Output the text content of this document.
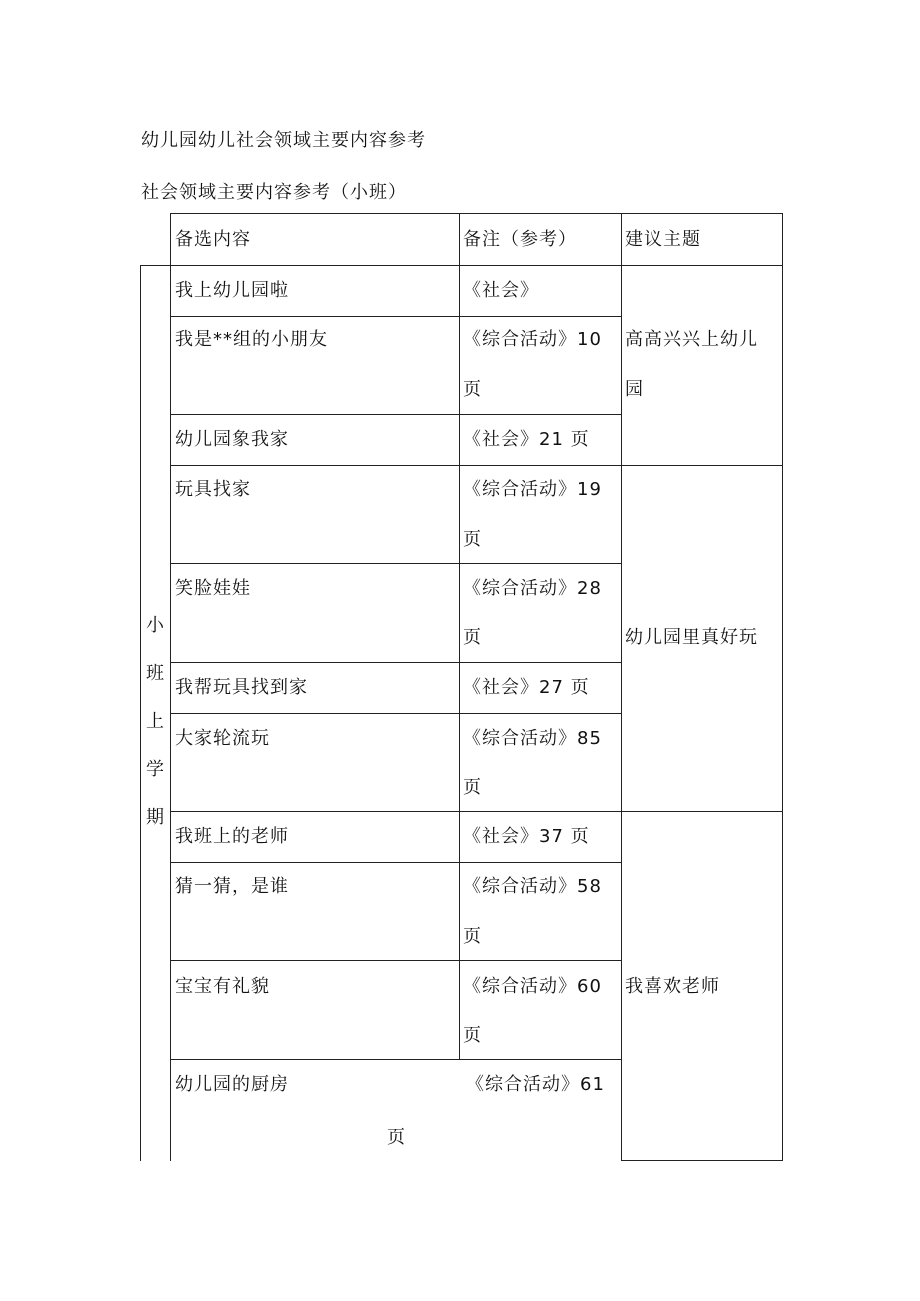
幼儿园幼儿社会领域主要内容参考
社会领域主要内容参考（小班）
备选内容	备注（参考）	建议主题
小
班
上
学
期
我上幼儿园啦
我是**组的小朋友
幼儿园象我家
玩具找家
笑脸娃娃
我帮玩具找到家
大家轮流玩
我班上的老师
猜一猜，是谁
宝宝有礼貌
幼儿园的厨房
《社会》
《综合活动》10
页
《社会》21 页
《综合活动》19
页
《综合活动》28
页
《社会》27 页
《综合活动》85
页
《社会》37 页
《综合活动》58
页
《综合活动》60
页
《综合活动》61
页
高高兴兴上幼儿
园
幼儿园里真好玩
我喜欢老师
